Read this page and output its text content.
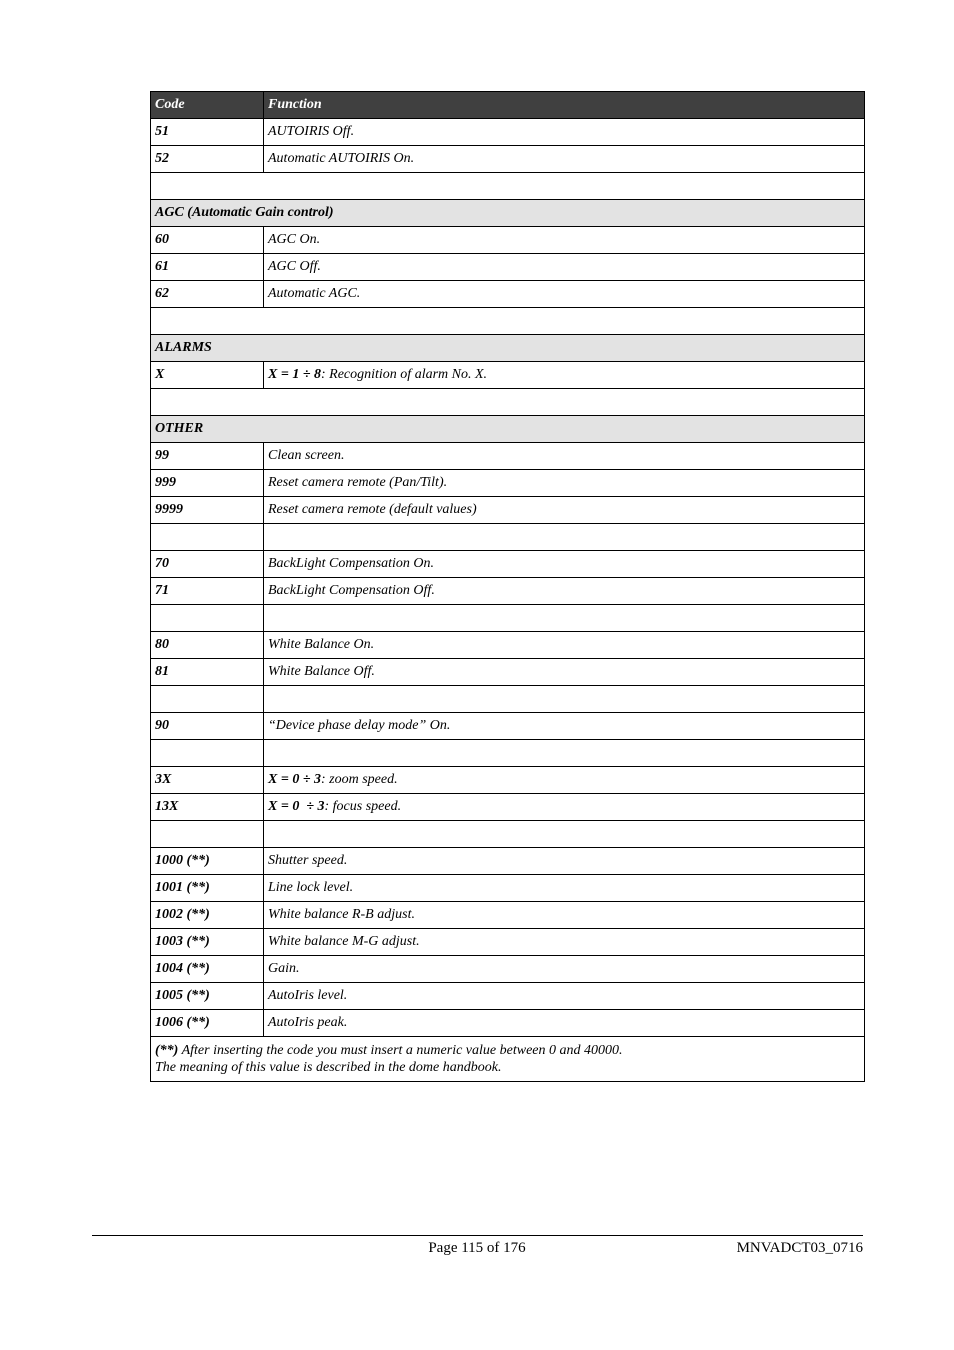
Code	Function
51	AUTOIRIS Off.
52	Automatic AUTOIRIS On.

AGC (Automatic Gain control)	
60	AGC On.
61	AGC Off.
62	Automatic AGC.

ALARMS	
X	X = 1 ÷ 8: Recognition of alarm No. X.

OTHER	
99	Clean screen.
999	Reset camera remote (Pan/Tilt).
9999	Reset camera remote (default values)

70	BackLight Compensation On.
71	BackLight Compensation Off.

80	White Balance On.
81	White Balance Off.

90	“Device phase delay mode” On.

3X	X = 0 ÷ 3: zoom speed.
13X	X = 0  ÷ 3: focus speed.

1000 (**)	Shutter speed.
1001 (**)	Line lock level.
1002 (**)	White balance R-B adjust.
1003 (**)	White balance M-G adjust.
1004 (**)	Gain.
1005 (**)	AutoIris level.
1006 (**)	AutoIris peak.
(**) After inserting the code you must insert a numeric value between 0 and 40000.
The meaning of this value is described in the dome handbook.	
Page 115 of 176	MNVADCT03_0716
